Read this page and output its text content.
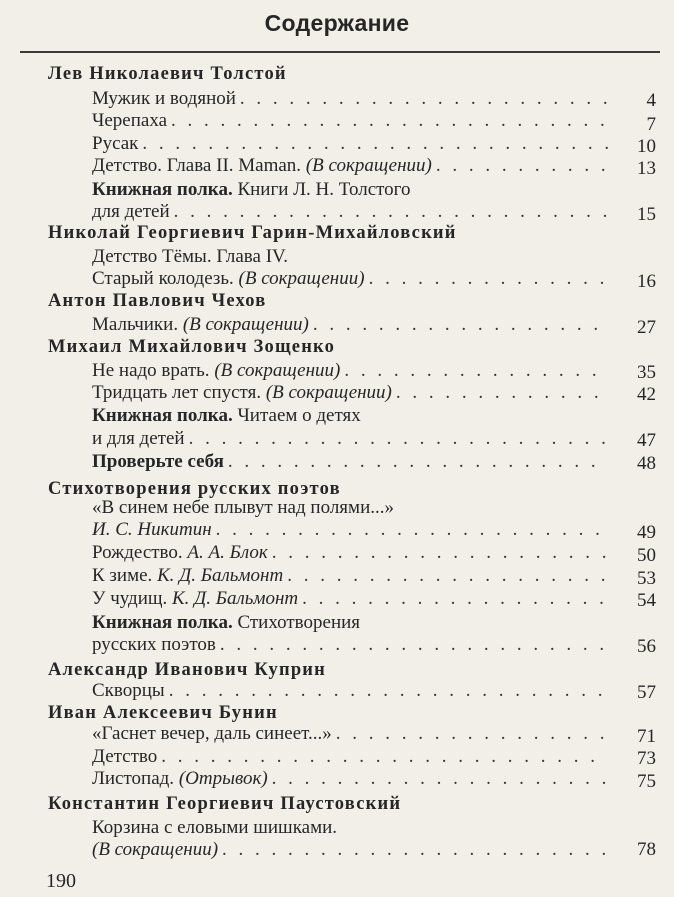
Содержание
Лев Николаевич Толстой
Мужик и водяной . . .	4
Черепаха . . .	7
Русак . . .	10
Детство. Глава II. Maman.
(В сокращении) . . .	13
Книжная полка. Книги Л. Н. Толстого
для детей . . .	15
Николай Георгиевич Гарин-Михайловский
Детство Тёмы. Глава IV.
Старый колодезь.
(В сокращении) . . .	16
Антон Павлович Чехов
Мальчики.
(В сокращении) . . .	27
Михаил Михайлович Зощенко
Не надо врать.
(В сокращении) . . .	35
Тридцать лет спустя.
(В сокращении) . . .	42
Книжная полка. Читаем о детях
и для детей . . .	47
Проверьте себя . . .	48
Стихотворения русских поэтов
«В синем небе плывут над полями...»
И. С. Никитин . . .	49
Рождество.
А. А. Блок . . .	50
К зиме.
К. Д. Бальмонт . . .	53
У чудищ.
К. Д. Бальмонт . . .	54
Книжная полка. Стихотворения
русских поэтов . . .	56
Александр Иванович Куприн
Скворцы . . .	57
Иван Алексеевич Бунин
«Гаснет вечер, даль синеет...» . . .	71
Детство . . .	73
Листопад.
(Отрывок) . . .	75
Константин Георгиевич Паустовский
Корзина с еловыми шишками.
(В сокращении) . . .	78
190
